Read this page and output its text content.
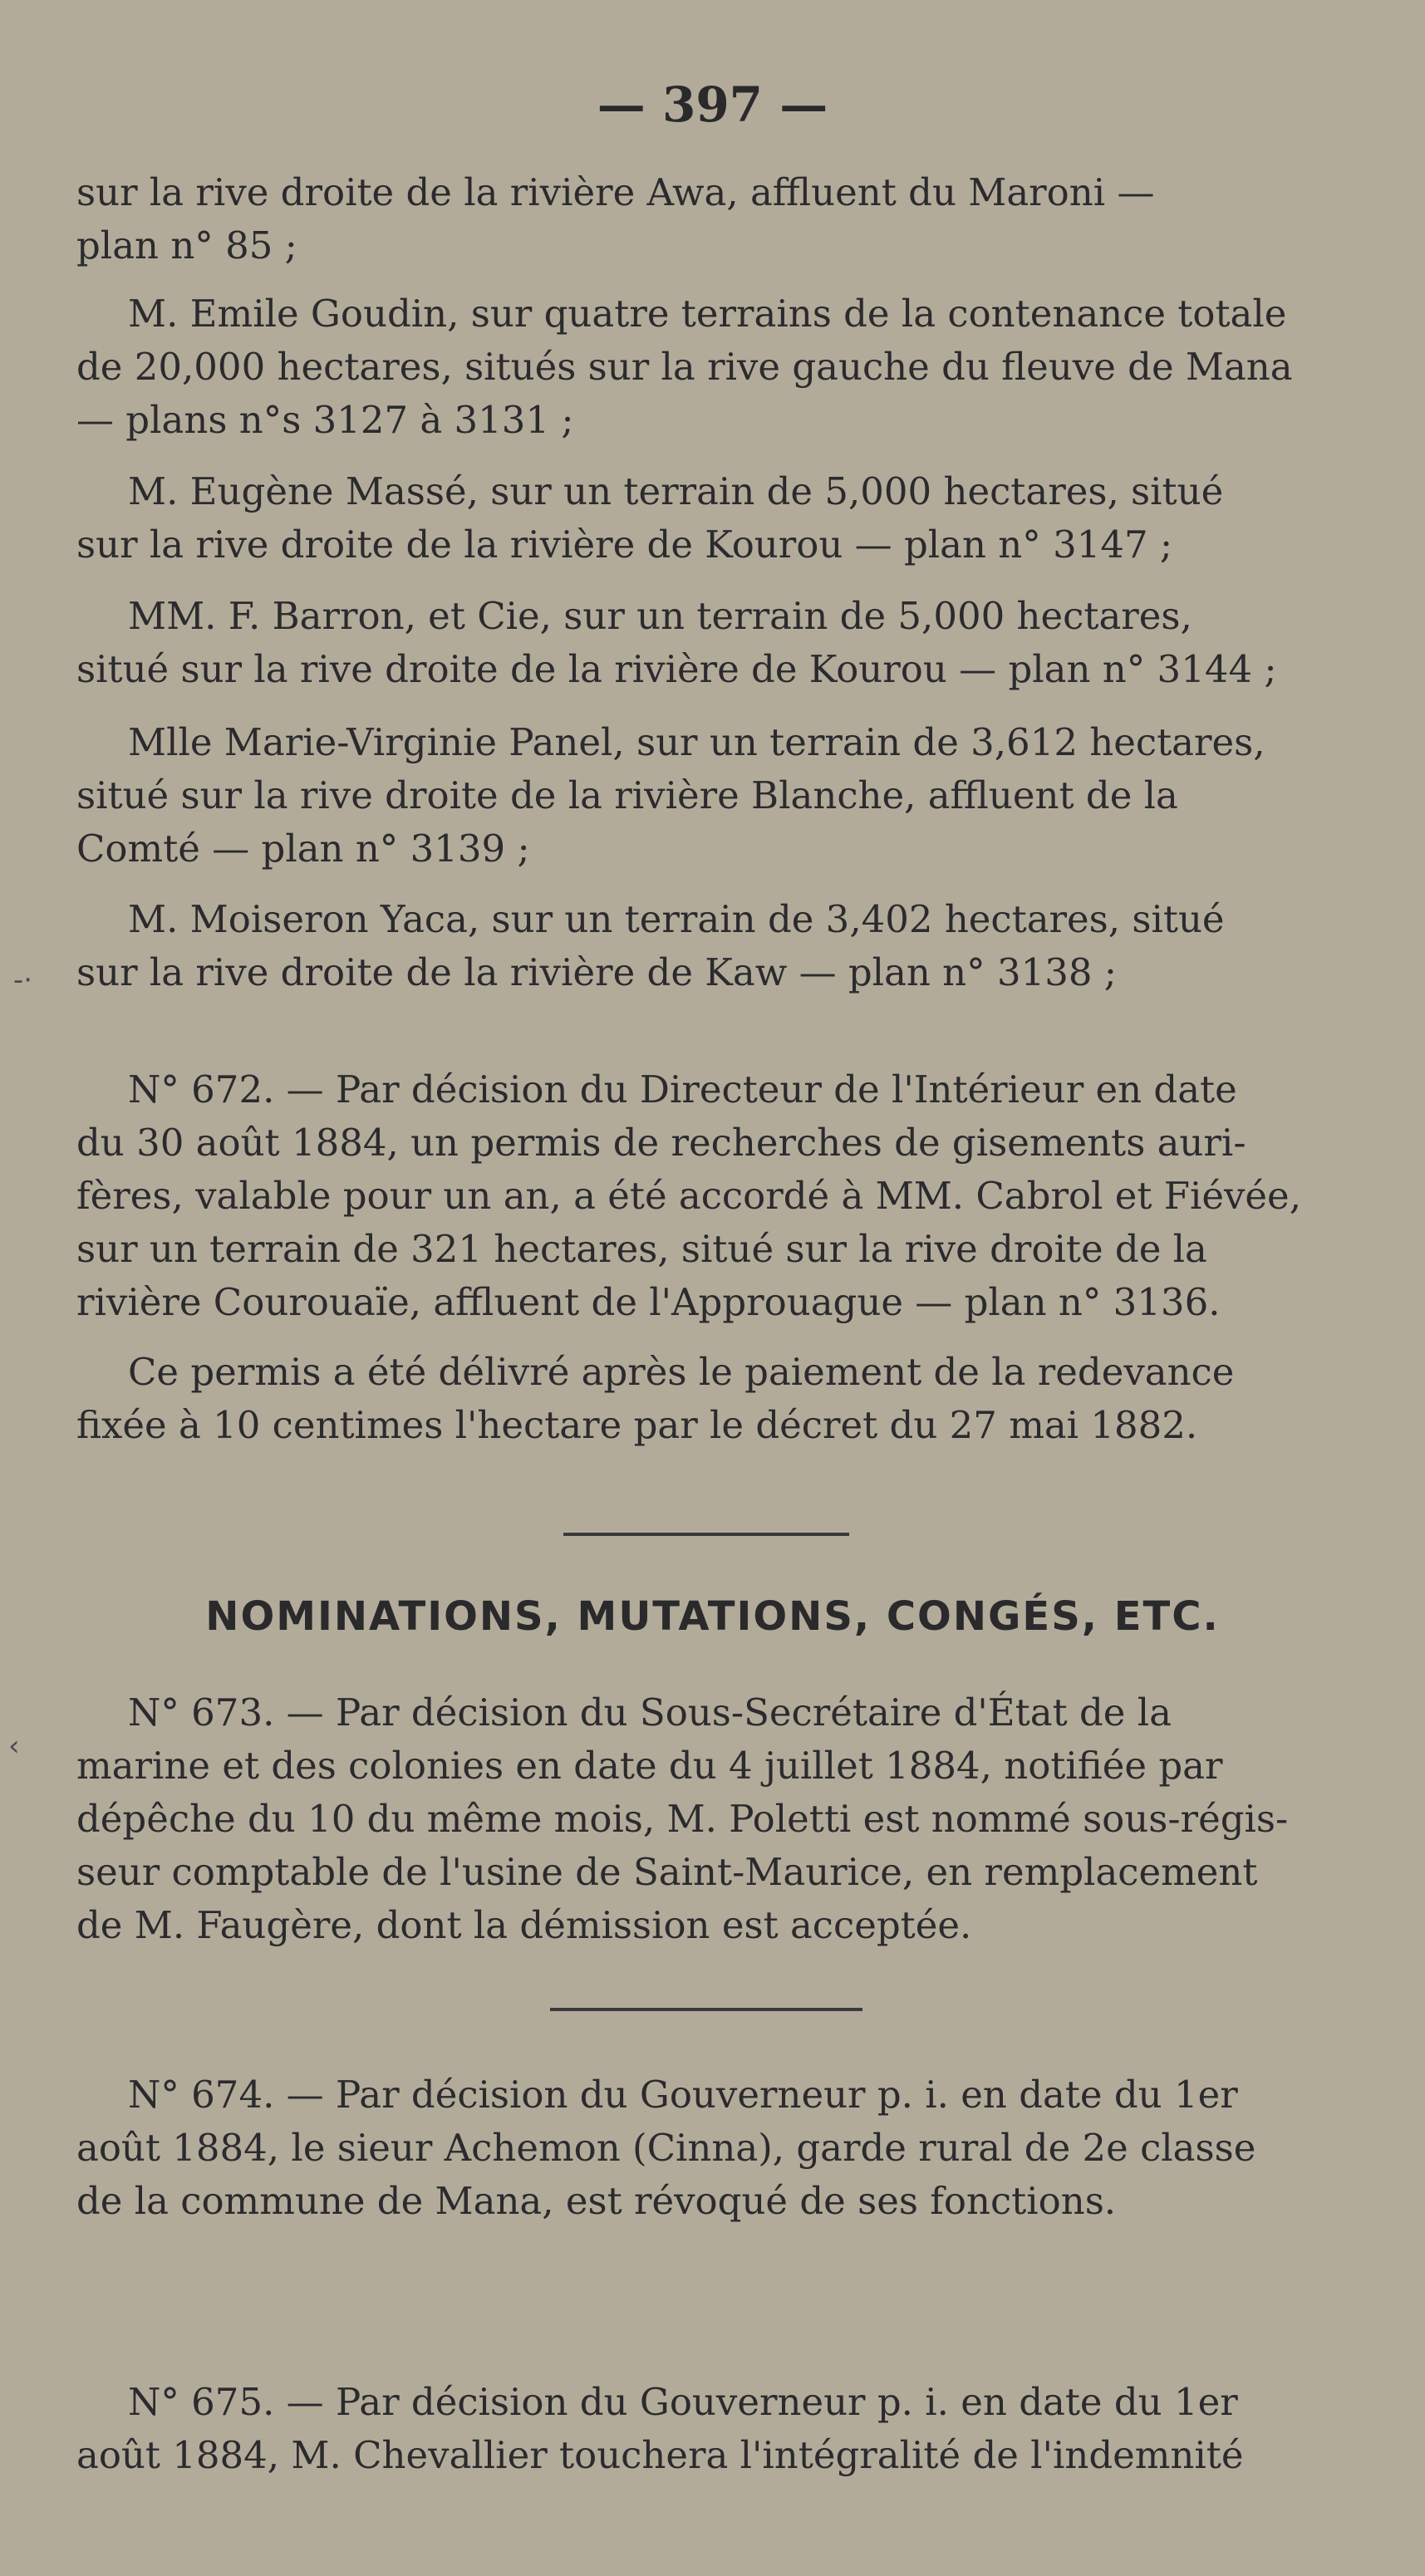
— 397 —

sur la rive droite de la rivière Awa, affluent du Maroni —
plan n° 85 ;

M. Emile Goudin, sur quatre terrains de la contenance totale
de 20,000 hectares, situés sur la rive gauche du fleuve de Mana
— plans n°s 3127 à 3131 ;

M. Eugène Massé, sur un terrain de 5,000 hectares, situé
sur la rive droite de la rivière de Kourou — plan n° 3147 ;

MM. F. Barron, et Cie, sur un terrain de 5,000 hectares,
situé sur la rive droite de la rivière de Kourou — plan n° 3144 ;

Mlle Marie-Virginie Panel, sur un terrain de 3,612 hectares,
situé sur la rive droite de la rivière Blanche, affluent de la
Comté — plan n° 3139 ;

-·

M. Moiseron Yaca, sur un terrain de 3,402 hectares, situé
sur la rive droite de la rivière de Kaw — plan n° 3138 ;

N° 672. — Par décision du Directeur de l'Intérieur en date
du 30 août 1884, un permis de recherches de gisements auri-
fères, valable pour un an, a été accordé à MM. Cabrol et Fiévée,
sur un terrain de 321 hectares, situé sur la rive droite de la
rivière Courouaïe, affluent de l'Approuague — plan n° 3136.

Ce permis a été délivré après le paiement de la redevance
fixée à 10 centimes l'hectare par le décret du 27 mai 1882.

NOMINATIONS, MUTATIONS, CONGÉS, ETC.
‹

N° 673. — Par décision du Sous-Secrétaire d'État de la
marine et des colonies en date du 4 juillet 1884, notifiée par
dépêche du 10 du même mois, M. Poletti est nommé sous-régis-
seur comptable de l'usine de Saint-Maurice, en remplacement
de M. Faugère, dont la démission est acceptée.

N° 674. — Par décision du Gouverneur p. i. en date du 1er
août 1884, le sieur Achemon (Cinna), garde rural de 2e classe
de la commune de Mana, est révoqué de ses fonctions.

N° 675. — Par décision du Gouverneur p. i. en date du 1er
août 1884, M. Chevallier touchera l'intégralité de l'indemnité
